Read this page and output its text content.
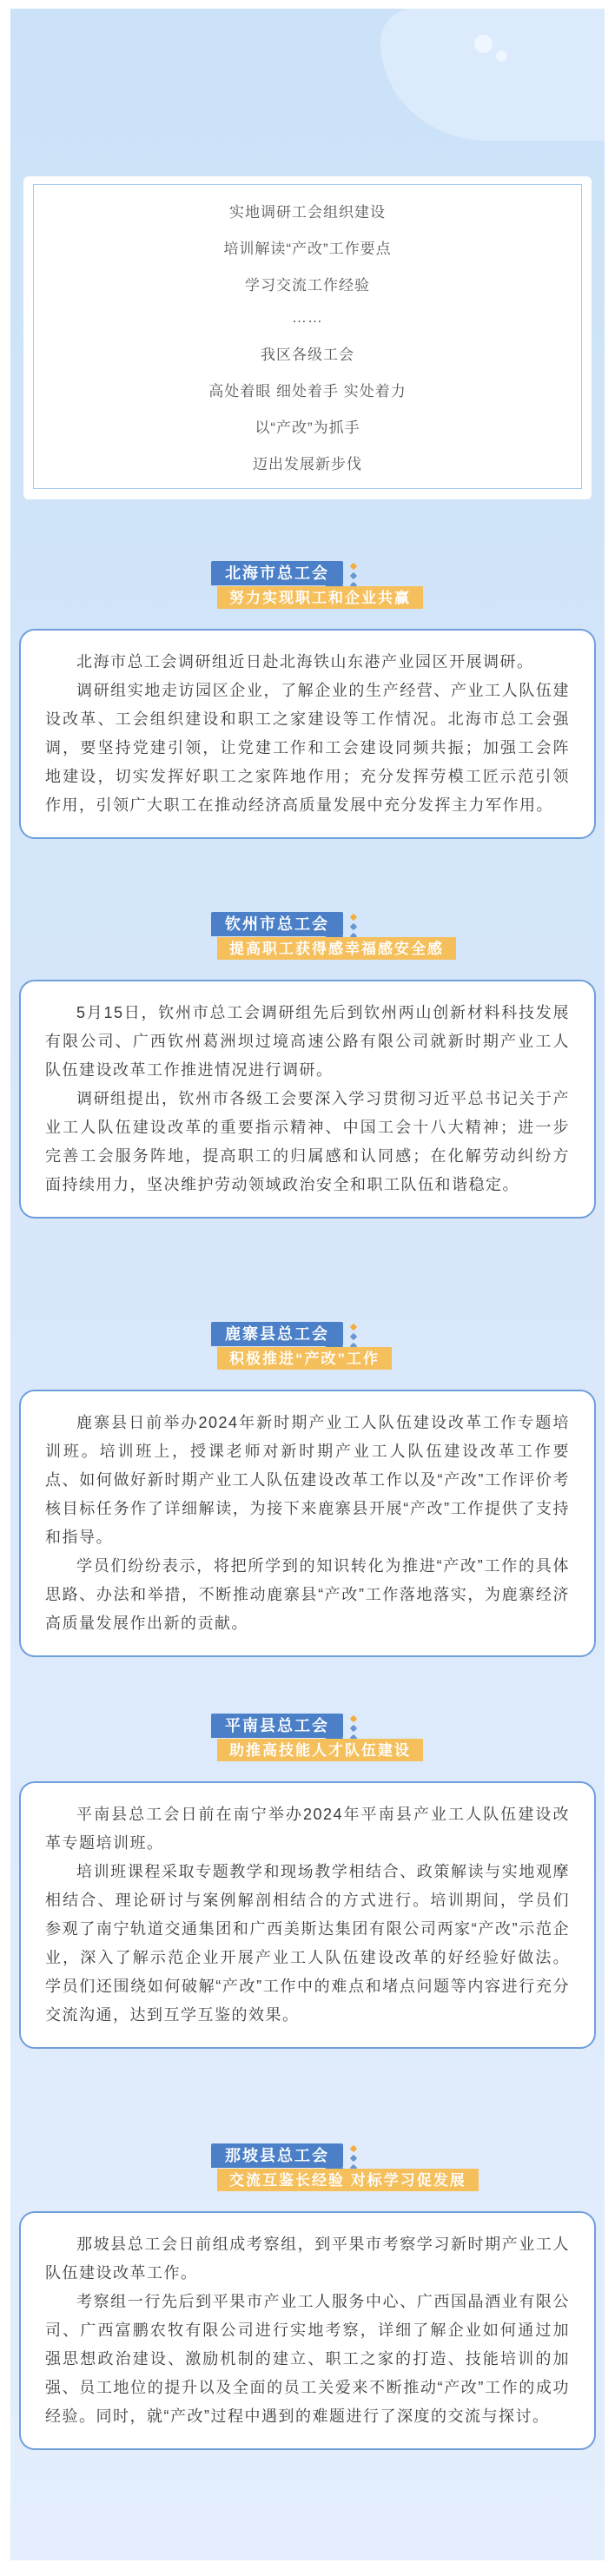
实地调研工会组织建设
培训解读“产改”工作要点
学习交流工作经验
……
我区各级工会
高处着眼 细处着手 实处着力
以“产改”为抓手
迈出发展新步伐
北海市总工会
努力实现职工和企业共赢

北海市总工会调研组近日赴北海铁山东港产业园区开展调研。

调研组实地走访园区企业，了解企业的生产经营、产业工人队伍建设改革、工会组织建设和职工之家建设等工作情况。北海市总工会强调，要坚持党建引领，让党建工作和工会建设同频共振；加强工会阵地建设，切实发挥好职工之家阵地作用；充分发挥劳模工匠示范引领作用，引领广大职工在推动经济高质量发展中充分发挥主力军作用。

钦州市总工会
提高职工获得感幸福感安全感

5月15日，钦州市总工会调研组先后到钦州两山创新材料科技发展有限公司、广西钦州葛洲坝过境高速公路有限公司就新时期产业工人队伍建设改革工作推进情况进行调研。

调研组提出，钦州市各级工会要深入学习贯彻习近平总书记关于产业工人队伍建设改革的重要指示精神、中国工会十八大精神；进一步完善工会服务阵地，提高职工的归属感和认同感；在化解劳动纠纷方面持续用力，坚决维护劳动领域政治安全和职工队伍和谐稳定。

鹿寨县总工会
积极推进“产改”工作

鹿寨县日前举办2024年新时期产业工人队伍建设改革工作专题培训班。培训班上，授课老师对新时期产业工人队伍建设改革工作要点、如何做好新时期产业工人队伍建设改革工作以及“产改”工作评价考核目标任务作了详细解读，为接下来鹿寨县开展“产改”工作提供了支持和指导。

学员们纷纷表示，将把所学到的知识转化为推进“产改”工作的具体思路、办法和举措，不断推动鹿寨县“产改”工作落地落实，为鹿寨经济高质量发展作出新的贡献。

平南县总工会
助推高技能人才队伍建设

平南县总工会日前在南宁举办2024年平南县产业工人队伍建设改革专题培训班。

培训班课程采取专题教学和现场教学相结合、政策解读与实地观摩相结合、理论研讨与案例解剖相结合的方式进行。培训期间，学员们参观了南宁轨道交通集团和广西美斯达集团有限公司两家“产改”示范企业，深入了解示范企业开展产业工人队伍建设改革的好经验好做法。学员们还围绕如何破解“产改”工作中的难点和堵点问题等内容进行充分交流沟通，达到互学互鉴的效果。

那坡县总工会
交流互鉴长经验 对标学习促发展

那坡县总工会日前组成考察组，到平果市考察学习新时期产业工人队伍建设改革工作。

考察组一行先后到平果市产业工人服务中心、广西国晶酒业有限公司、广西富鹏农牧有限公司进行实地考察，详细了解企业如何通过加强思想政治建设、激励机制的建立、职工之家的打造、技能培训的加强、员工地位的提升以及全面的员工关爱来不断推动“产改”工作的成功经验。同时，就“产改”过程中遇到的难题进行了深度的交流与探讨。
